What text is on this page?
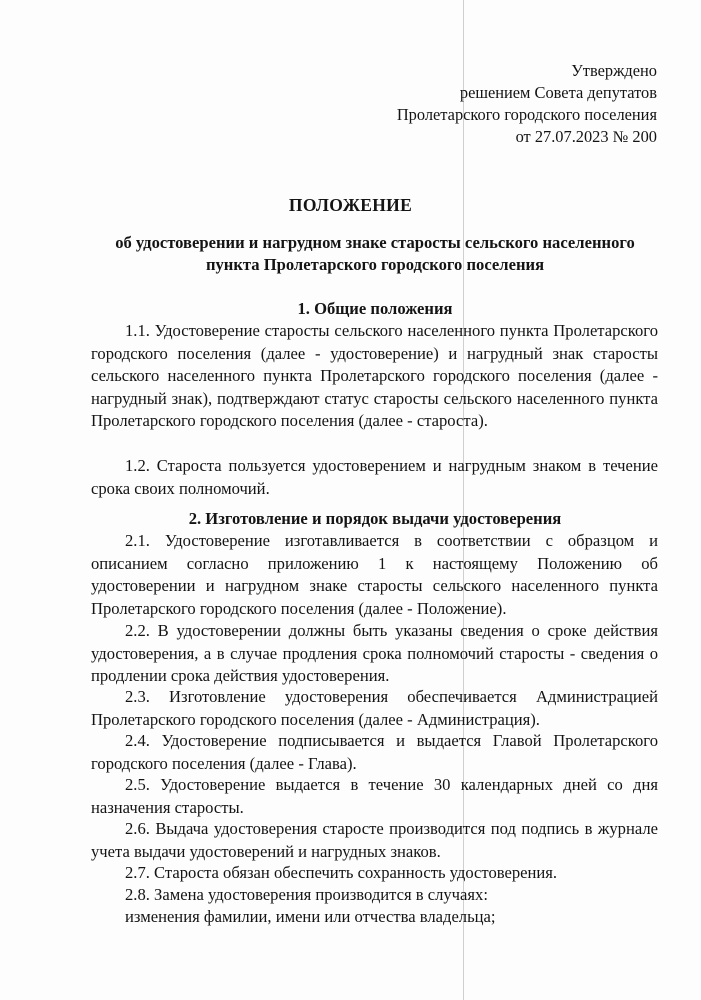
Утверждено
решением Совета депутатов
Пролетарского городского поселения
от 27.07.2023 № 200
ПОЛОЖЕНИЕ
об удостоверении и нагрудном знаке старосты сельского населенного пункта Пролетарского городского поселения
1. Общие положения
1.1. Удостоверение старосты сельского населенного пункта Пролетарского городского поселения (далее - удостоверение) и нагрудный знак старосты сельского населенного пункта Пролетарского городского поселения (далее - нагрудный знак), подтверждают статус старосты сельского населенного пункта Пролетарского городского поселения (далее - староста).
1.2. Староста пользуется удостоверением и нагрудным знаком в течение срока своих полномочий.
2. Изготовление и порядок выдачи удостоверения
2.1. Удостоверение изготавливается в соответствии с образцом и описанием согласно приложению 1 к настоящему Положению об удостоверении и нагрудном знаке старосты сельского населенного пункта Пролетарского городского поселения (далее - Положение).
2.2. В удостоверении должны быть указаны сведения о сроке действия удостоверения, а в случае продления срока полномочий старосты - сведения о продлении срока действия удостоверения.
2.3. Изготовление удостоверения обеспечивается Администрацией Пролетарского городского поселения (далее - Администрация).
2.4. Удостоверение подписывается и выдается Главой Пролетарского городского поселения (далее - Глава).
2.5. Удостоверение выдается в течение 30 календарных дней со дня назначения старосты.
2.6. Выдача удостоверения старосте производится под подпись в журнале учета выдачи удостоверений и нагрудных знаков.
2.7. Староста обязан обеспечить сохранность удостоверения.
2.8. Замена удостоверения производится в случаях:
изменения фамилии, имени или отчества владельца;
